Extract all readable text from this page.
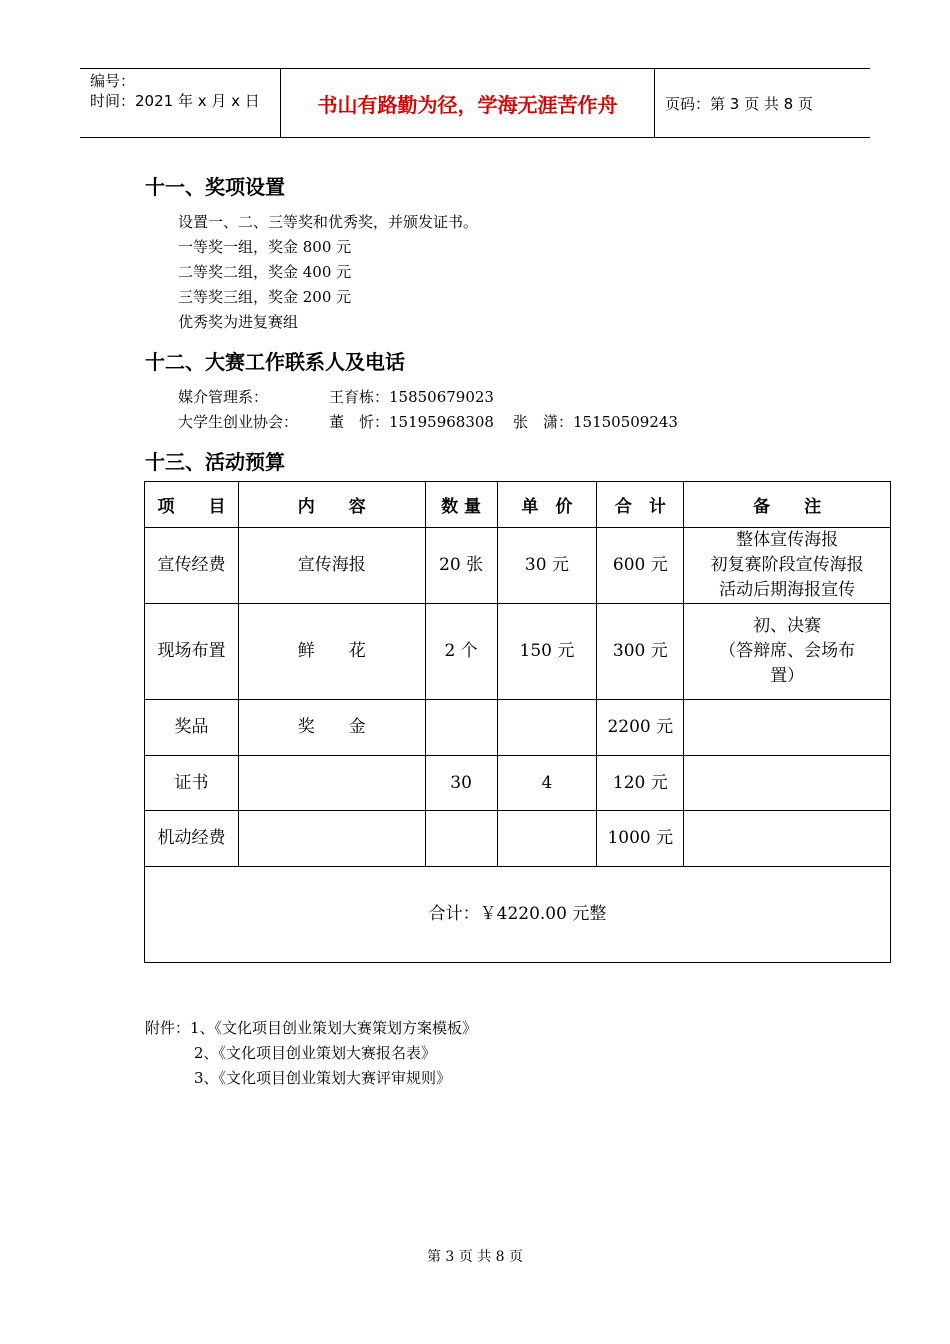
编号：
时间：2021 年 x 月 x 日	书山有路勤为径，学海无涯苦作舟	页码：第 3 页 共 8 页
十一、奖项设置
设置一、二、三等奖和优秀奖，并颁发证书。
一等奖一组，奖金 800 元
二等奖二组，奖金 400 元
三等奖三组，奖金 200 元
优秀奖为进复赛组
十二、大赛工作联系人及电话
媒介管理系：	王育栋：15850679023
大学生创业协会： 董　忻：15195968308 张　潇：15150509243
十三、活动预算
项　　目	内　　容	数 量	单　价	合　计	备　　注
宣传经费	宣传海报	20 张	30 元	600 元	整体宣传海报
初复赛阶段宣传海报
活动后期海报宣传

现场布置	鲜　　花	2 个	150 元	300 元	初、决赛
（答辩席、会场布
置）

奖品	奖　　金			2200 元	
证书		30	4	120 元	
机动经费				1000 元	
合计：￥4220.00 元整					
附件：1、《文化项目创业策划大赛策划方案模板》
2、《文化项目创业策划大赛报名表》
3、《文化项目创业策划大赛评审规则》
第 3 页 共 8 页
